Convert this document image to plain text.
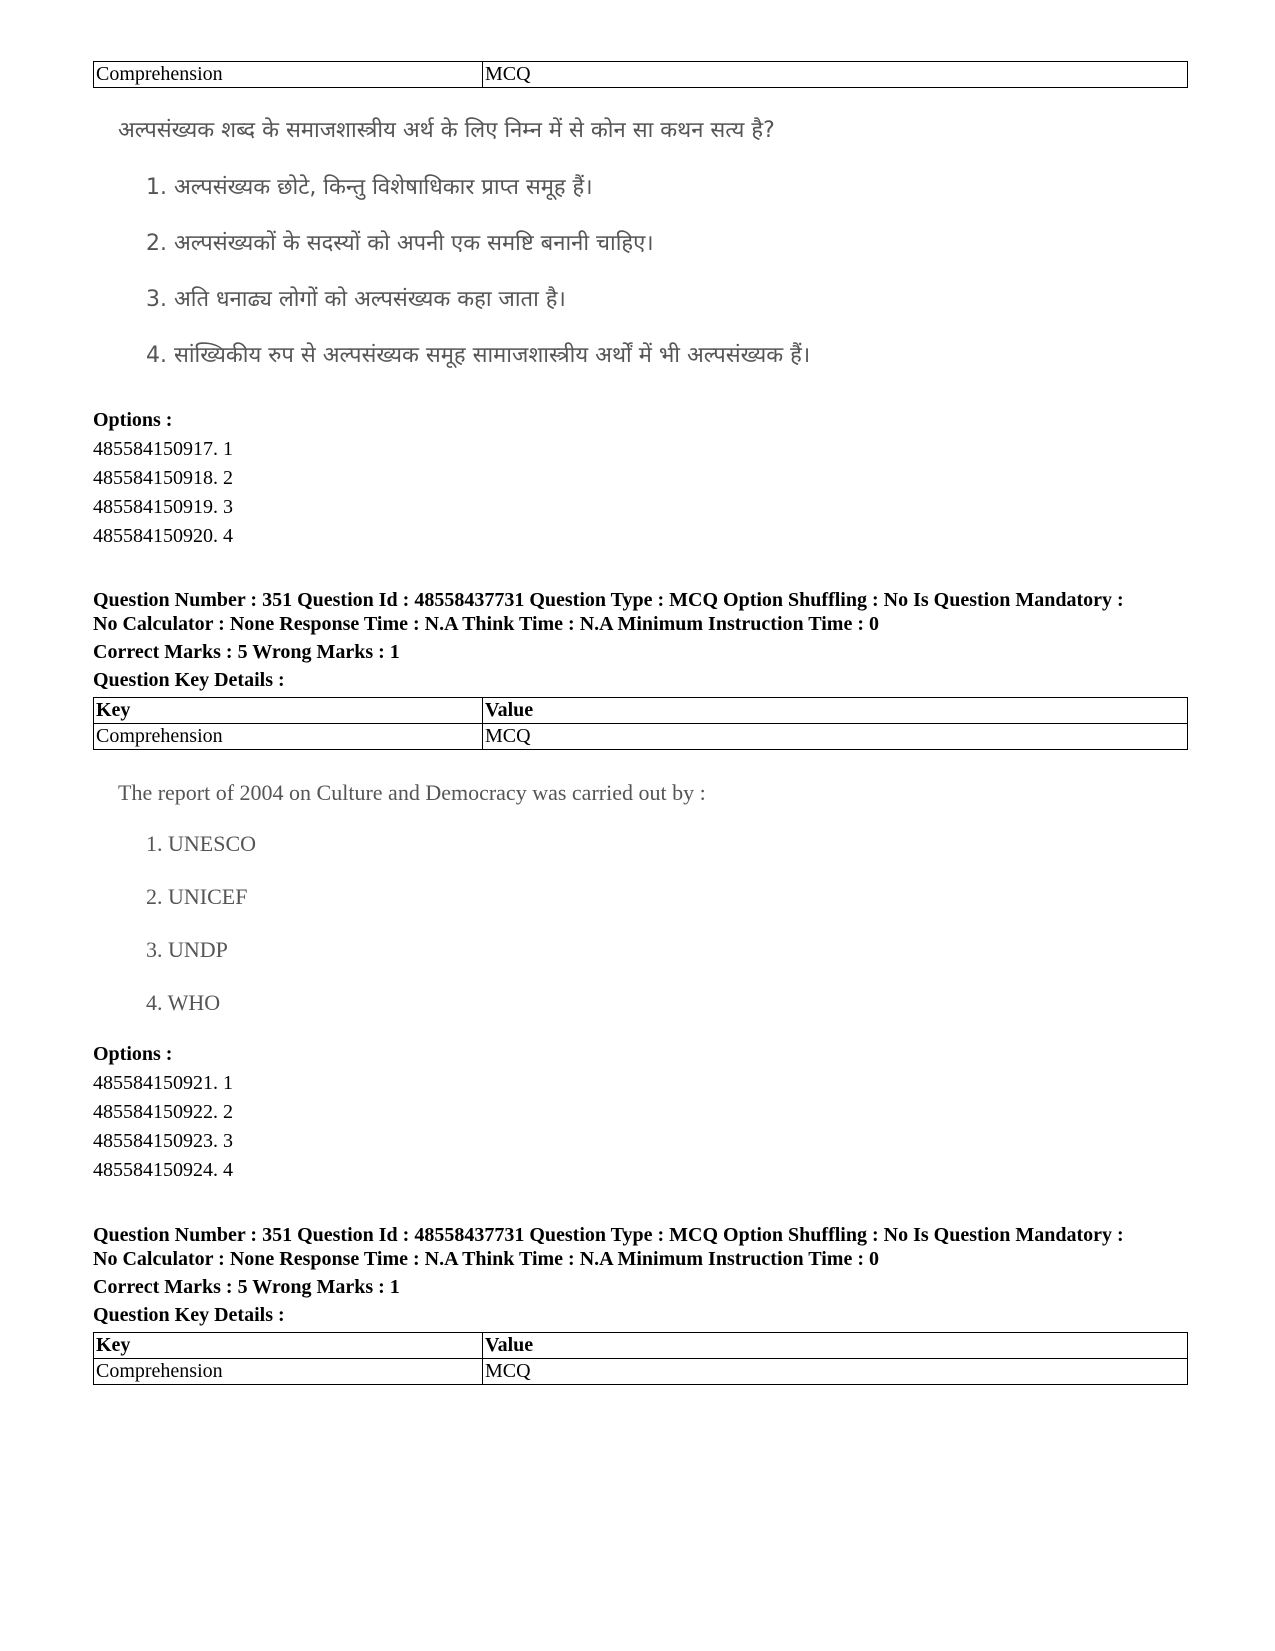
Comprehension	MCQ
अल्पसंख्यक शब्द के समाजशास्त्रीय अर्थ के लिए निम्न में से कोन सा कथन सत्य है?
1. अल्पसंख्यक छोटे, किन्तु विशेषाधिकार प्राप्त समूह हैं।
2. अल्पसंख्यकों के सदस्यों को अपनी एक समष्टि बनानी चाहिए।
3. अति धनाढ्य लोगों को अल्पसंख्यक कहा जाता है।
4. सांख्यिकीय रुप से अल्पसंख्यक समूह सामाजशास्त्रीय अर्थों में भी अल्पसंख्यक हैं।
Options :
485584150917. 1
485584150918. 2
485584150919. 3
485584150920. 4
Question Number : 351 Question Id : 48558437731 Question Type : MCQ Option Shuffling : No Is Question Mandatory :
No Calculator : None Response Time : N.A Think Time : N.A Minimum Instruction Time : 0
Correct Marks : 5 Wrong Marks : 1
Question Key Details :
Key	Value
Comprehension	MCQ
The report of 2004 on Culture and Democracy was carried out by :
1. UNESCO
2. UNICEF
3. UNDP
4. WHO
Options :
485584150921. 1
485584150922. 2
485584150923. 3
485584150924. 4
Question Number : 351 Question Id : 48558437731 Question Type : MCQ Option Shuffling : No Is Question Mandatory :
No Calculator : None Response Time : N.A Think Time : N.A Minimum Instruction Time : 0
Correct Marks : 5 Wrong Marks : 1
Question Key Details :
Key	Value
Comprehension	MCQ
